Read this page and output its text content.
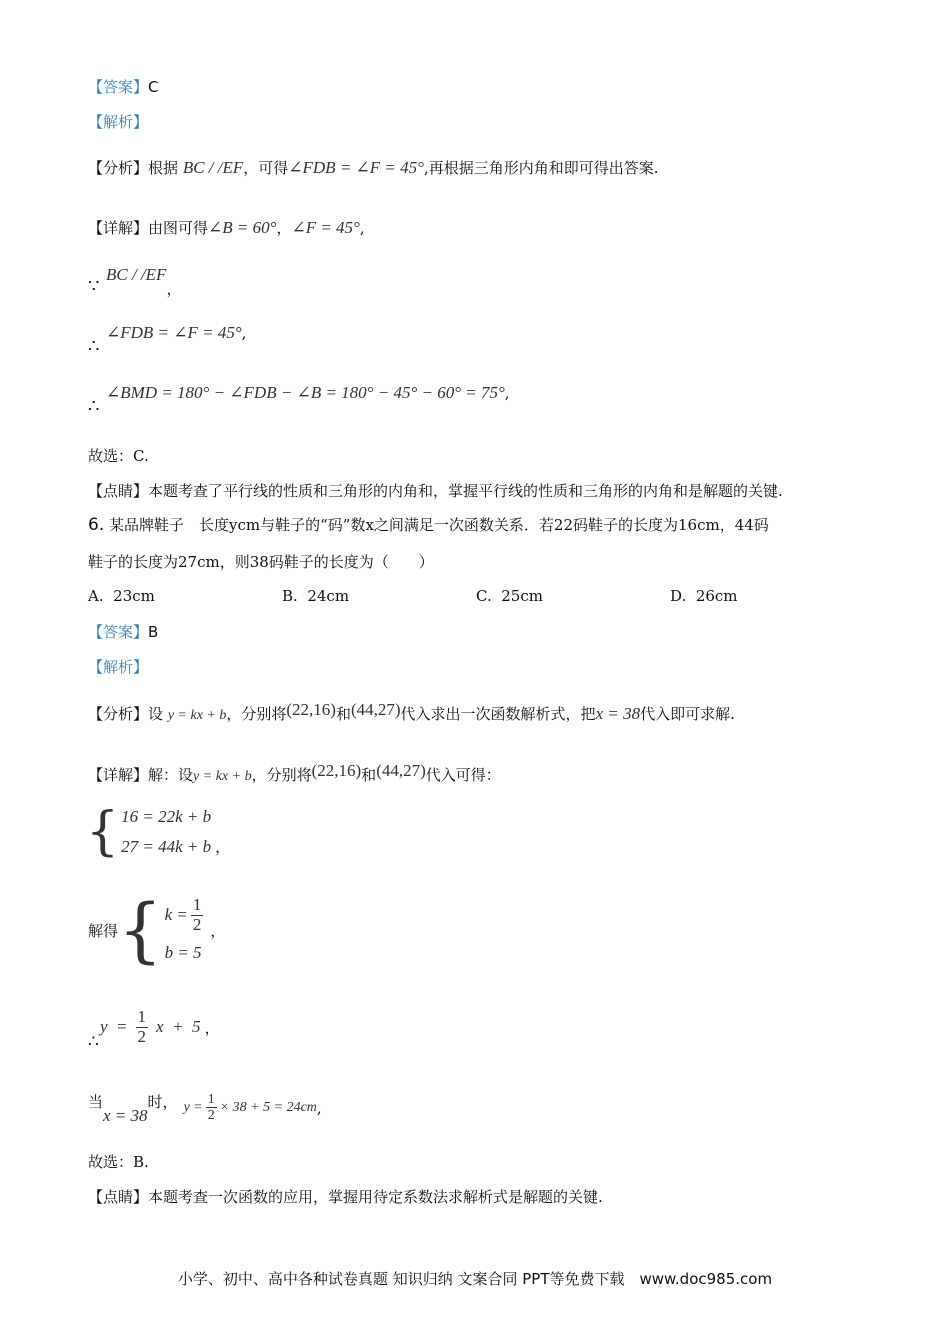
【答案】C
【解析】
【分析】根据 BC / /EF，可得∠FDB = ∠F = 45°,再根据三角形内角和即可得出答案.
【详解】由图可得∠B = 60°，∠F = 45°,
∵
BC / /EF，
∴
∠FDB = ∠F = 45°,
∴
∠BMD = 180° − ∠FDB − ∠B = 180° − 45° − 60° = 75°,
故选：C.
【点睛】本题考查了平行线的性质和三角形的内角和，掌握平行线的性质和三角形的内角和是解题的关键.
6. 某品牌鞋子　长度ycm与鞋子的“码”数x之间满足一次函数关系．若22码鞋子的长度为16cm，44码
鞋子的长度为27cm，则38码鞋子的长度为（　　）
A. 23cm	B. 24cm	C. 25cm	D. 26cm
【答案】B
【解析】
【分析】设 y = kx + b，分别将(22,16)和(44,27)代入求出一次函数解析式，把x = 38代入即可求解.
【详解】解：设y = kx + b，分别将(22,16)和(44,27)代入可得：
{ 16 = 22k + b
27 = 44k + b ，
解得 { $k = \frac{1}{2}$
b = 5
，
∴
$y = \frac{1}{2}$ x  +  5 ，
当
x = 38
时， $y = \frac{1}{2} \times 38 + 5 = 24cm$ ,
故选：B.
【点睛】本题考查一次函数的应用，掌握用待定系数法求解析式是解题的关键.
小学、初中、高中各种试卷真题 知识归纳 文案合同 PPT等免费下载　www.doc985.com
